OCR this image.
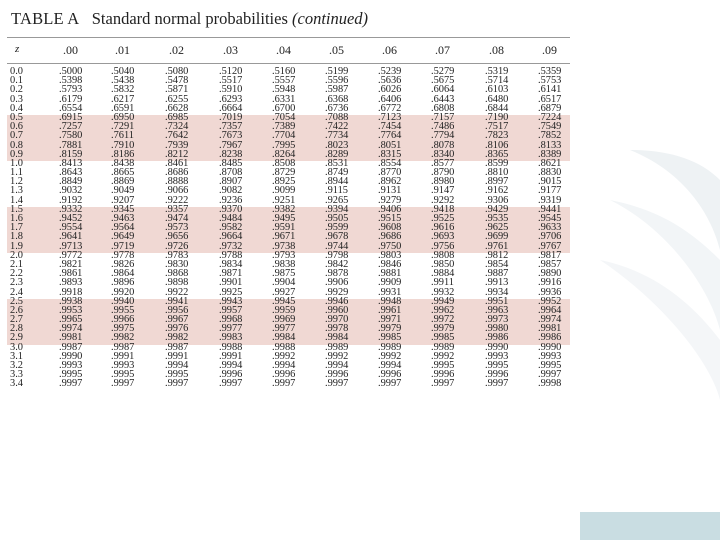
TABLE A Standard normal probabilities (continued)
z	.00	.01	.02	.03	.04	.05	.06	.07	.08	.09
0.0	.5000	.5040	.5080	.5120	.5160	.5199	.5239	.5279	.5319	.5359
0.1	.5398	.5438	.5478	.5517	.5557	.5596	.5636	.5675	.5714	.5753
0.2	.5793	.5832	.5871	.5910	.5948	.5987	.6026	.6064	.6103	.6141
0.3	.6179	.6217	.6255	.6293	.6331	.6368	.6406	.6443	.6480	.6517
0.4	.6554	.6591	.6628	.6664	.6700	.6736	.6772	.6808	.6844	.6879
0.5	.6915	.6950	.6985	.7019	.7054	.7088	.7123	.7157	.7190	.7224
0.6	.7257	.7291	.7324	.7357	.7389	.7422	.7454	.7486	.7517	.7549
0.7	.7580	.7611	.7642	.7673	.7704	.7734	.7764	.7794	.7823	.7852
0.8	.7881	.7910	.7939	.7967	.7995	.8023	.8051	.8078	.8106	.8133
0.9	.8159	.8186	.8212	.8238	.8264	.8289	.8315	.8340	.8365	.8389
1.0	.8413	.8438	.8461	.8485	.8508	.8531	.8554	.8577	.8599	.8621
1.1	.8643	.8665	.8686	.8708	.8729	.8749	.8770	.8790	.8810	.8830
1.2	.8849	.8869	.8888	.8907	.8925	.8944	.8962	.8980	.8997	.9015
1.3	.9032	.9049	.9066	.9082	.9099	.9115	.9131	.9147	.9162	.9177
1.4	.9192	.9207	.9222	.9236	.9251	.9265	.9279	.9292	.9306	.9319
1.5	.9332	.9345	.9357	.9370	.9382	.9394	.9406	.9418	.9429	.9441
1.6	.9452	.9463	.9474	.9484	.9495	.9505	.9515	.9525	.9535	.9545
1.7	.9554	.9564	.9573	.9582	.9591	.9599	.9608	.9616	.9625	.9633
1.8	.9641	.9649	.9656	.9664	.9671	.9678	.9686	.9693	.9699	.9706
1.9	.9713	.9719	.9726	.9732	.9738	.9744	.9750	.9756	.9761	.9767
2.0	.9772	.9778	.9783	.9788	.9793	.9798	.9803	.9808	.9812	.9817
2.1	.9821	.9826	.9830	.9834	.9838	.9842	.9846	.9850	.9854	.9857
2.2	.9861	.9864	.9868	.9871	.9875	.9878	.9881	.9884	.9887	.9890
2.3	.9893	.9896	.9898	.9901	.9904	.9906	.9909	.9911	.9913	.9916
2.4	.9918	.9920	.9922	.9925	.9927	.9929	.9931	.9932	.9934	.9936
2.5	.9938	.9940	.9941	.9943	.9945	.9946	.9948	.9949	.9951	.9952
2.6	.9953	.9955	.9956	.9957	.9959	.9960	.9961	.9962	.9963	.9964
2.7	.9965	.9966	.9967	.9968	.9969	.9970	.9971	.9972	.9973	.9974
2.8	.9974	.9975	.9976	.9977	.9977	.9978	.9979	.9979	.9980	.9981
2.9	.9981	.9982	.9982	.9983	.9984	.9984	.9985	.9985	.9986	.9986
3.0	.9987	.9987	.9987	.9988	.9988	.9989	.9989	.9989	.9990	.9990
3.1	.9990	.9991	.9991	.9991	.9992	.9992	.9992	.9992	.9993	.9993
3.2	.9993	.9993	.9994	.9994	.9994	.9994	.9994	.9995	.9995	.9995
3.3	.9995	.9995	.9995	.9996	.9996	.9996	.9996	.9996	.9996	.9997
3.4	.9997	.9997	.9997	.9997	.9997	.9997	.9997	.9997	.9997	.9998
